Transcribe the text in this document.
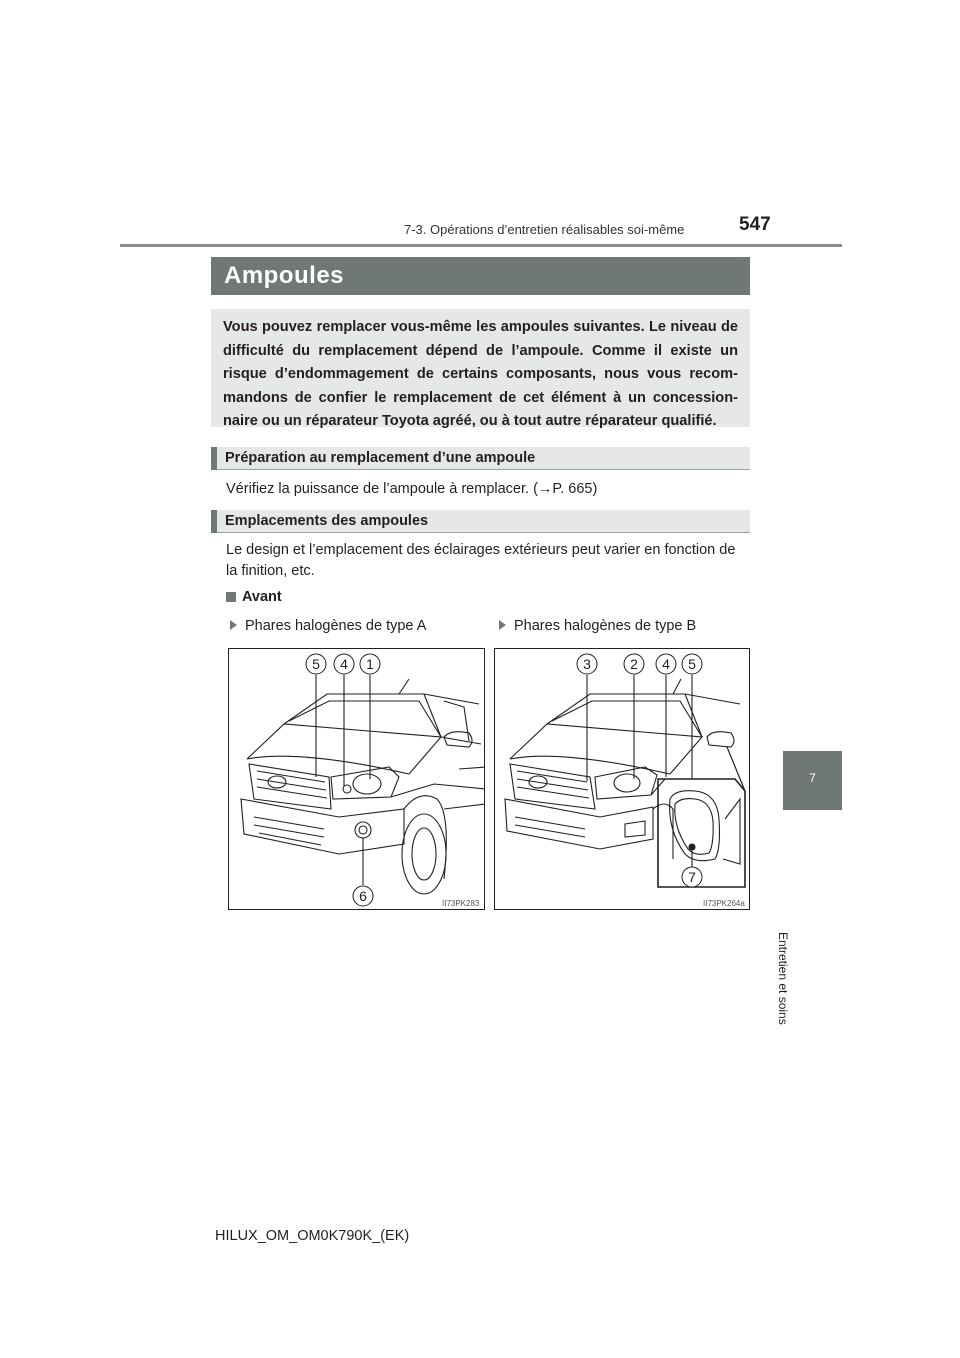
7-3. Opérations d’entretien réalisables soi-même	547
7
Entretien et soins
Ampoules

Vous pouvez remplacer vous-même les ampoules suivantes. Le niveau de difficulté du remplacement dépend de l’ampoule. Comme il existe un risque d’endommagement de certains composants, nous vous recom-mandons de confier le remplacement de cet élément à un concession-naire ou un réparateur Toyota agréé, ou à tout autre réparateur qualifié.

Préparation au remplacement d’une ampoule

Vérifiez la puissance de l’ampoule à remplacer. (→P. 665)

Emplacements des ampoules

Le design et l’emplacement des éclairages extérieurs peut varier en fonction de la finition, etc.

Avant
Phares halogènes de type A	Phares halogènes de type B
5 4 1
6	II73PK283
3	2 4 5
7
II73PK264a
HILUX_OM_OM0K790K_(EK)
